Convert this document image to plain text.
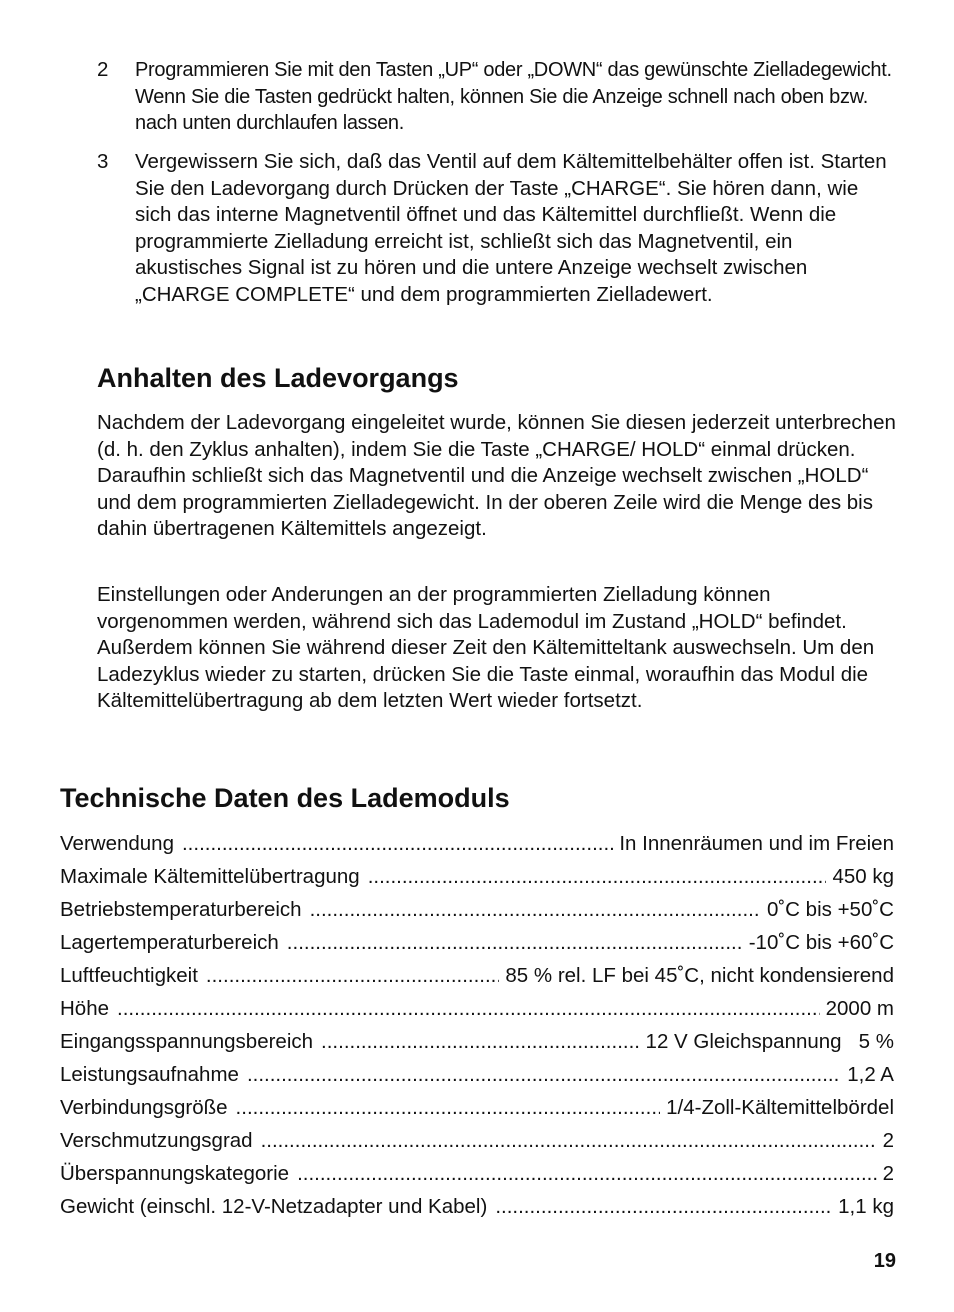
2	Programmieren Sie mit den Tasten „UP“ oder „DOWN“ das gewünschte Zielladegewicht. Wenn Sie die Tasten gedrückt halten, können Sie die Anzeige schnell nach oben bzw. nach unten durchlaufen lassen.
3	Vergewissern Sie sich, daß das Ventil auf dem Kältemittelbehälter offen ist. Starten Sie den Ladevorgang durch Drücken der Taste „CHARGE“. Sie hören dann, wie sich das interne Magnetventil öffnet und das Kältemittel durchfließt. Wenn die programmierte Zielladung erreicht ist, schließt sich das Magnetventil, ein akustisches Signal ist zu hören und die untere Anzeige wechselt zwischen „CHARGE COMPLETE“ und dem programmierten Zielladewert.
Anhalten des Ladevorgangs
Nachdem der Ladevorgang eingeleitet wurde, können Sie diesen jederzeit unterbrechen (d. h. den Zyklus anhalten), indem Sie die Taste „CHARGE/ HOLD“ einmal drücken. Daraufhin schließt sich das Magnetventil und die Anzeige wechselt zwischen „HOLD“ und dem programmierten Zielladegewicht. In der oberen Zeile wird die Menge des bis dahin übertragenen Kältemittels angezeigt.
Einstellungen oder Anderungen an der programmierten Zielladung können vorgenommen werden, während sich das Lademodul im Zustand „HOLD“ befindet. Außerdem können Sie während dieser Zeit den Kältemitteltank auswechseln. Um den Ladezyklus wieder zu starten, drücken Sie die Taste einmal, woraufhin das Modul die Kältemittelübertragung ab dem letzten Wert wieder fortsetzt.
Technische Daten des Lademoduls
Verwendung .....	In Innenräumen und im Freien
Maximale Kältemittelübertragung .....	450 kg
Betriebstemperaturbereich .....	0˚C bis +50˚C
Lagertemperaturbereich .....	-10˚C bis +60˚C
Luftfeuchtigkeit .....	85 % rel. LF bei 45˚C, nicht kondensierend
Höhe .....	2000 m
Eingangsspannungsbereich .....	12 V Gleichspannung   5 %
Leistungsaufnahme .....	1,2 A
Verbindungsgröße .....	1/4-Zoll-Kältemittelbördel
Verschmutzungsgrad .....	2
Überspannungskategorie .....	2
Gewicht (einschl. 12-V-Netzadapter und Kabel) .....	1,1 kg
19
